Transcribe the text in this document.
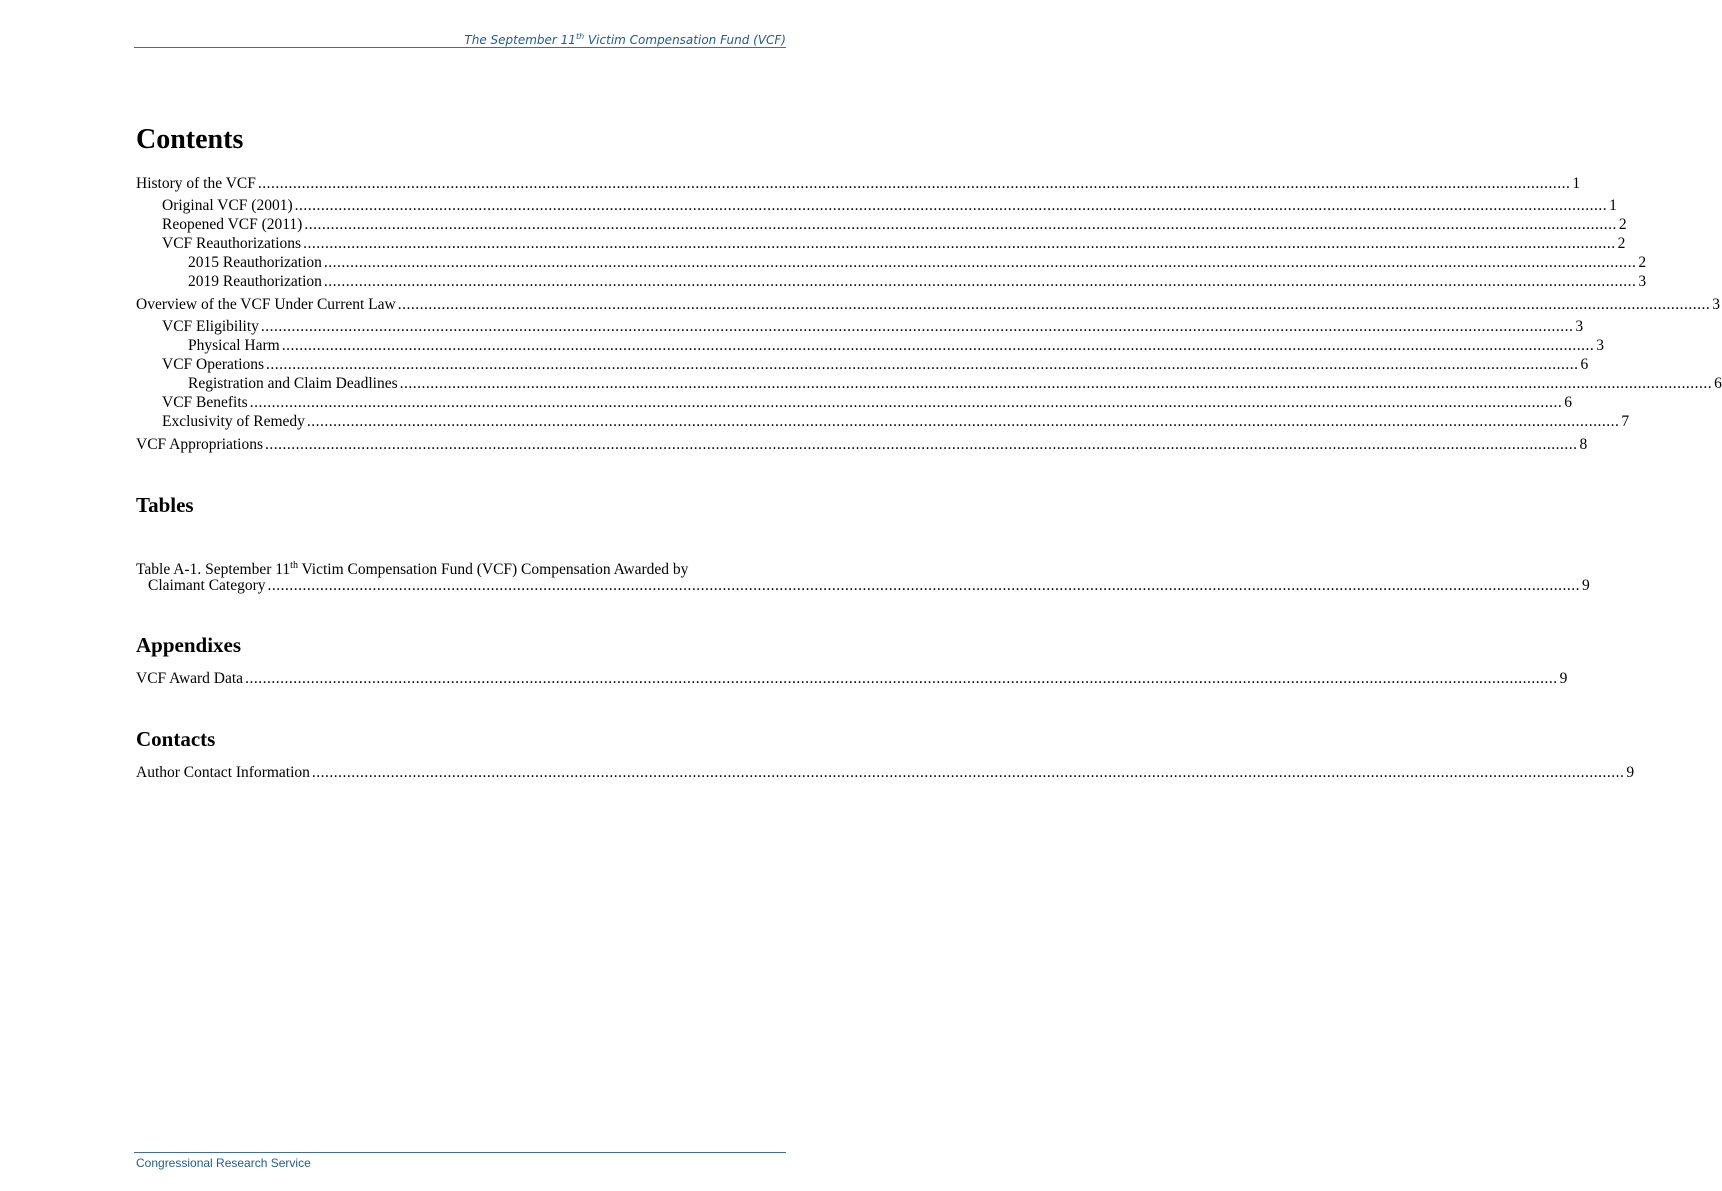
The September 11th Victim Compensation Fund (VCF)
Contents
History of the VCF ............................................................................................................................................................................................................................................................................................................ 1
Original VCF (2001) ............................................................................................................................................................................................................................................................................................................ 1
Reopened VCF (2011) ............................................................................................................................................................................................................................................................................................................ 2
VCF Reauthorizations ............................................................................................................................................................................................................................................................................................................ 2
2015 Reauthorization ............................................................................................................................................................................................................................................................................................................ 2
2019 Reauthorization ............................................................................................................................................................................................................................................................................................................ 3
Overview of the VCF Under Current Law ............................................................................................................................................................................................................................................................................................................ 3
VCF Eligibility ............................................................................................................................................................................................................................................................................................................ 3
Physical Harm ............................................................................................................................................................................................................................................................................................................ 3
VCF Operations ............................................................................................................................................................................................................................................................................................................ 6
Registration and Claim Deadlines ............................................................................................................................................................................................................................................................................................................ 6
VCF Benefits ............................................................................................................................................................................................................................................................................................................ 6
Exclusivity of Remedy ............................................................................................................................................................................................................................................................................................................ 7
VCF Appropriations ............................................................................................................................................................................................................................................................................................................ 8
Tables
Table A-1. September 11th Victim Compensation Fund (VCF) Compensation Awarded by
Claimant Category ............................................................................................................................................................................................................................................................................................................ 9
Appendixes
VCF Award Data ............................................................................................................................................................................................................................................................................................................ 9
Contacts
Author Contact Information ............................................................................................................................................................................................................................................................................................................ 9
Congressional Research Service
